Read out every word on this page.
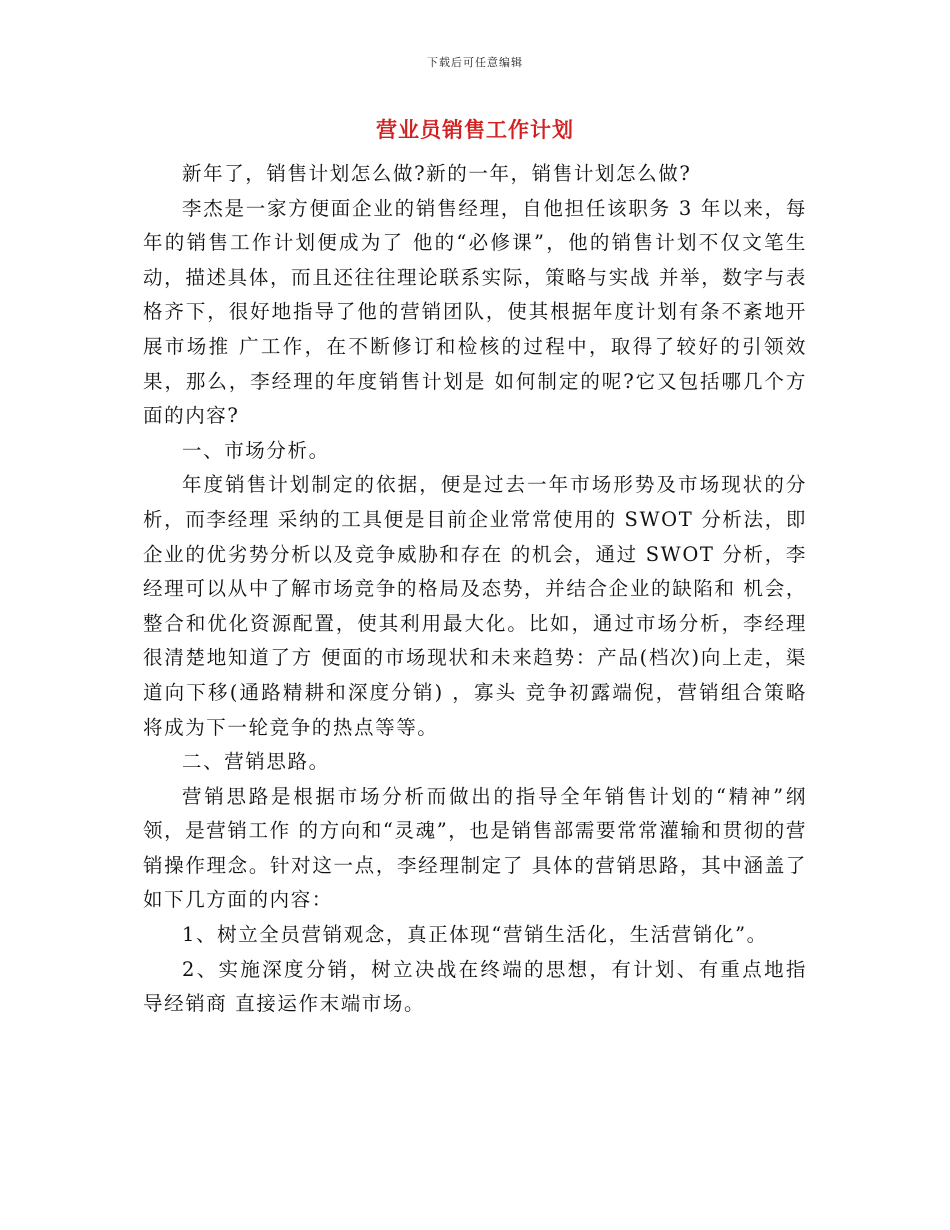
下载后可任意编辑
营业员销售工作计划

新年了，销售计划怎么做?新的一年，销售计划怎么做?

李杰是一家方便面企业的销售经理，自他担任该职务 3 年以来，每年的销售工作计划便成为了 他的“必修课”，他的销售计划不仅文笔生动，描述具体，而且还往往理论联系实际，策略与实战 并举，数字与表格齐下，很好地指导了他的营销团队，使其根据年度计划有条不紊地开展市场推 广工作，在不断修订和检核的过程中，取得了较好的引领效果，那么，李经理的年度销售计划是 如何制定的呢?它又包括哪几个方面的内容?

一、市场分析。

年度销售计划制定的依据，便是过去一年市场形势及市场现状的分析，而李经理 采纳的工具便是目前企业常常使用的 SWOT 分析法，即企业的优劣势分析以及竞争威胁和存在 的机会，通过 SWOT 分析，李经理可以从中了解市场竞争的格局及态势，并结合企业的缺陷和 机会，整合和优化资源配置，使其利用最大化。比如，通过市场分析，李经理很清楚地知道了方 便面的市场现状和未来趋势：产品(档次)向上走，渠道向下移(通路精耕和深度分销) ，寡头 竞争初露端倪，营销组合策略将成为下一轮竞争的热点等等。

二、营销思路。

营销思路是根据市场分析而做出的指导全年销售计划的“精神”纲领，是营销工作 的方向和“灵魂”，也是销售部需要常常灌输和贯彻的营销操作理念。针对这一点，李经理制定了 具体的营销思路，其中涵盖了如下几方面的内容：

1、树立全员营销观念，真正体现“营销生活化，生活营销化”。

2、实施深度分销，树立决战在终端的思想，有计划、有重点地指导经销商 直接运作末端市场。
